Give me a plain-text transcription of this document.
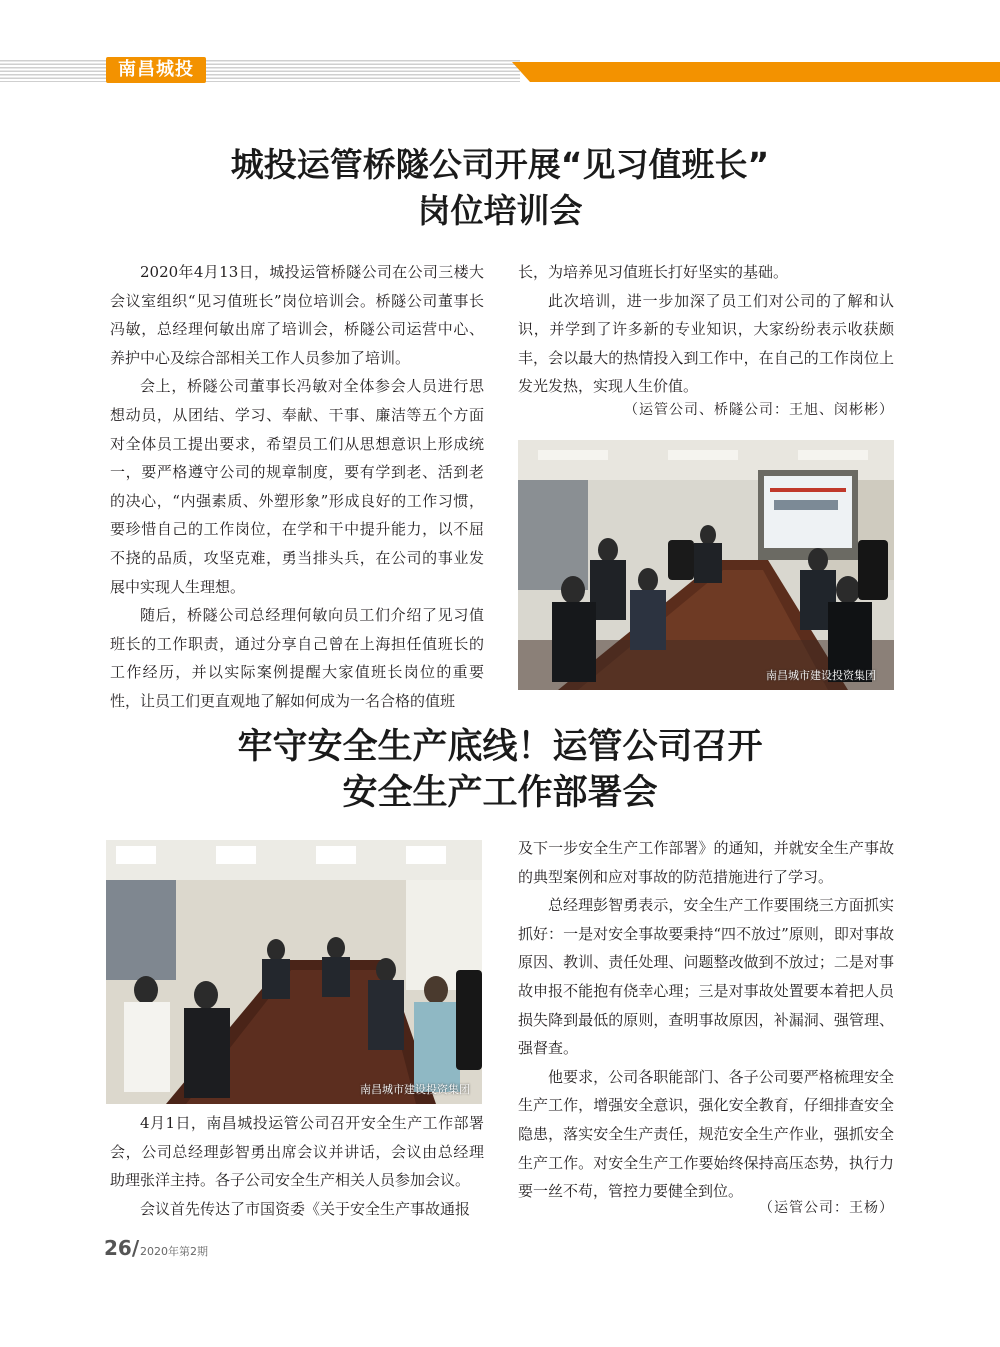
南昌城投
城投运管桥隧公司开展“见习值班长”
岗位培训会

2020年4月13日，城投运管桥隧公司在公司三楼大会议室组织“见习值班长”岗位培训会。桥隧公司董事长冯敏，总经理何敏出席了培训会，桥隧公司运营中心、养护中心及综合部相关工作人员参加了培训。

会上，桥隧公司董事长冯敏对全体参会人员进行思想动员，从团结、学习、奉献、干事、廉洁等五个方面对全体员工提出要求，希望员工们从思想意识上形成统一，要严格遵守公司的规章制度，要有学到老、活到老的决心，“内强素质、外塑形象”形成良好的工作习惯，要珍惜自己的工作岗位，在学和干中提升能力，以不屈不挠的品质，攻坚克难，勇当排头兵，在公司的事业发展中实现人生理想。

随后，桥隧公司总经理何敏向员工们介绍了见习值班长的工作职责，通过分享自己曾在上海担任值班长的工作经历，并以实际案例提醒大家值班长岗位的重要性，让员工们更直观地了解如何成为一名合格的值班

长，为培养见习值班长打好坚实的基础。

此次培训，进一步加深了员工们对公司的了解和认识，并学到了许多新的专业知识，大家纷纷表示收获颇丰，会以最大的热情投入到工作中，在自己的工作岗位上发光发热，实现人生价值。

（运管公司、桥隧公司：王旭、闵彬彬）
南昌城市建设投资集团
牢守安全生产底线！运管公司召开
安全生产工作部署会
南昌城市建设投资集团

4月1日，南昌城投运管公司召开安全生产工作部署会，公司总经理彭智勇出席会议并讲话，会议由总经理助理张洋主持。各子公司安全生产相关人员参加会议。

会议首先传达了市国资委《关于安全生产事故通报

及下一步安全生产工作部署》的通知，并就安全生产事故的典型案例和应对事故的防范措施进行了学习。

总经理彭智勇表示，安全生产工作要围绕三方面抓实抓好：一是对安全事故要秉持“四不放过”原则，即对事故原因、教训、责任处理、问题整改做到不放过；二是对事故申报不能抱有侥幸心理；三是对事故处置要本着把人员损失降到最低的原则，查明事故原因，补漏洞、强管理、强督查。

他要求，公司各职能部门、各子公司要严格梳理安全生产工作，增强安全意识，强化安全教育，仔细排查安全隐患，落实安全生产责任，规范安全生产作业，强抓安全生产工作。对安全生产工作要始终保持高压态势，执行力要一丝不苟，管控力要健全到位。

（运管公司：王杨）
26/ 2020年第2期
